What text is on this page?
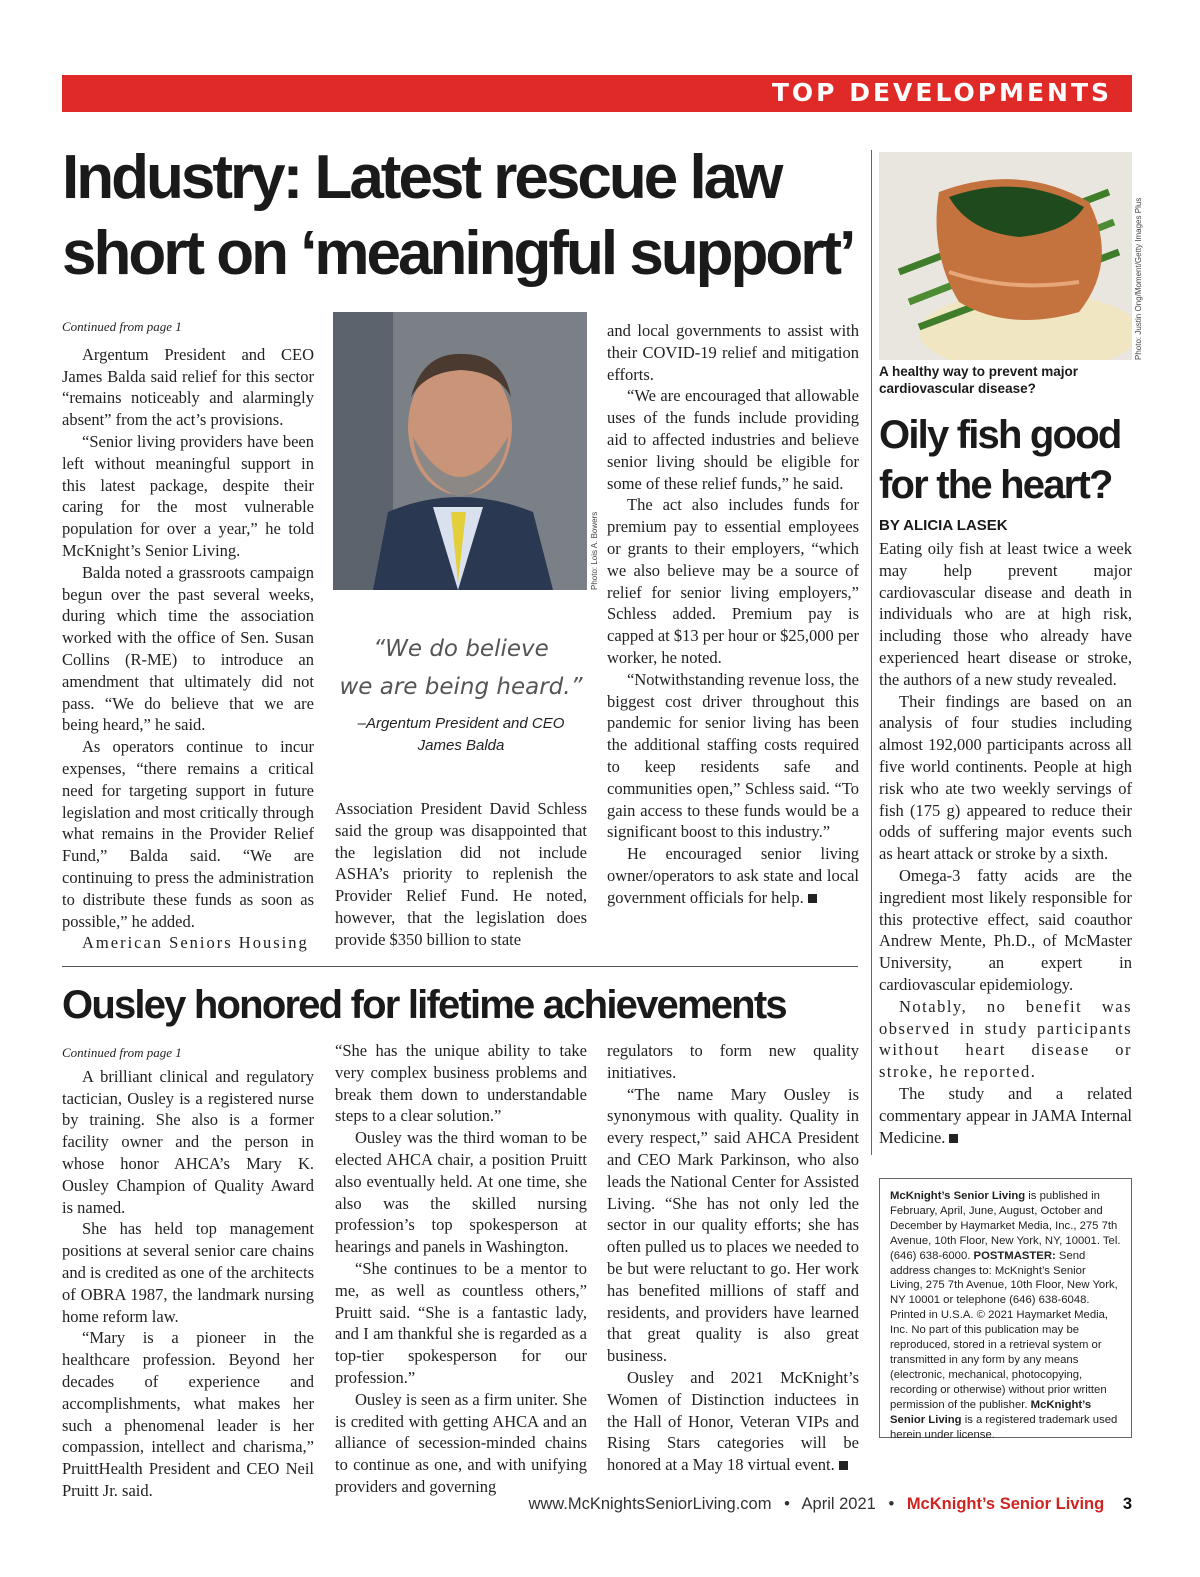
TOP DEVELOPMENTS
Industry: Latest rescue law
short on ‘meaningful support’

Continued from page 1

Argentum President and CEO James Balda said relief for this sector “remains noticeably and alarmingly absent” from the act’s provisions.

“Senior living providers have been left without meaningful support in this latest package, despite their caring for the most vulnerable population for over a year,” he told McKnight’s Senior Living.

Balda noted a grassroots campaign begun over the past several weeks, during which time the association worked with the office of Sen. Susan Collins (R-ME) to introduce an amendment that ultimately did not pass. “We do believe that we are being heard,” he said.

As operators continue to incur expenses, “there remains a critical need for targeting support in future legislation and most critically through what remains in the Provider Relief Fund,” Balda said. “We are continuing to press the administration to distribute these funds as soon as possible,” he added.

American Seniors Housing

Photo: Lois A. Bowers
“We do believe
we are being heard.”
–Argentum President and CEO
James Balda

Association President David Schless said the group was disappointed that the legislation did not include ASHA’s priority to replenish the Provider Relief Fund. He noted, however, that the legislation does provide $350 billion to state

and local governments to assist with their COVID-19 relief and mitigation efforts.

“We are encouraged that allowable uses of the funds include providing aid to affected industries and believe senior living should be eligible for some of these relief funds,” he said.

The act also includes funds for premium pay to essential employees or grants to their employers, “which we also believe may be a source of relief for senior living employers,” Schless added. Premium pay is capped at $13 per hour or $25,000 per worker, he noted.

“Notwithstanding revenue loss, the biggest cost driver throughout this pandemic for senior living has been the additional staffing costs required to keep residents safe and communities open,” Schless said. “To gain access to these funds would be a significant boost to this industry.”

He encouraged senior living owner/operators to ask state and local government officials for help.

Ousley honored for lifetime achievements

Continued from page 1

A brilliant clinical and regulatory tactician, Ousley is a registered nurse by training. She also is a former facility owner and the person in whose honor AHCA’s Mary K. Ousley Champion of Quality Award is named.

She has held top management positions at several senior care chains and is credited as one of the architects of OBRA 1987, the landmark nursing home reform law.

“Mary is a pioneer in the healthcare profession. Beyond her decades of experience and accomplishments, what makes her such a phenomenal leader is her compassion, intellect and charisma,” PruittHealth President and CEO Neil Pruitt Jr. said.

“She has the unique ability to take very complex business problems and break them down to understandable steps to a clear solution.”

Ousley was the third woman to be elected AHCA chair, a position Pruitt also eventually held. At one time, she also was the skilled nursing profession’s top spokesperson at hearings and panels in Washington.

“She continues to be a mentor to me, as well as countless others,” Pruitt said. “She is a fantastic lady, and I am thankful she is regarded as a top-tier spokesperson for our profession.”

Ousley is seen as a firm uniter. She is credited with getting AHCA and an alliance of secession-minded chains to continue as one, and with unifying providers and governing

regulators to form new quality initiatives.

“The name Mary Ousley is synonymous with quality. Quality in every respect,” said AHCA President and CEO Mark Parkinson, who also leads the National Center for Assisted Living. “She has not only led the sector in our quality efforts; she has often pulled us to places we needed to be but were reluctant to go. Her work has benefited millions of staff and residents, and providers have learned that great quality is also great business.

Ousley and 2021 McKnight’s Women of Distinction inductees in the Hall of Honor, Veteran VIPs and Rising Stars categories will be honored at a May 18 virtual event.

Photo: Justin Ong/Moment/Getty Images Plus
A healthy way to prevent major cardiovascular disease?
Oily fish good
for the heart?
BY ALICIA LASEK

Eating oily fish at least twice a week may help prevent major cardiovascular disease and death in individuals who are at high risk, including those who already have experienced heart disease or stroke, the authors of a new study revealed.

Their findings are based on an analysis of four studies including almost 192,000 participants across all five world continents. People at high risk who ate two weekly servings of fish (175 g) appeared to reduce their odds of suffering major events such as heart attack or stroke by a sixth.

Omega-3 fatty acids are the ingredient most likely responsible for this protective effect, said coauthor Andrew Mente, Ph.D., of McMaster University, an expert in cardiovascular epidemiology.

Notably, no benefit was observed in study participants without heart disease or stroke, he reported.

The study and a related commentary appear in JAMA Internal Medicine.

McKnight’s Senior Living is published in February, April, June, August, October and December by Haymarket Media, Inc., 275 7th Avenue, 10th Floor, New York, NY, 10001. Tel. (646) 638-6000. POSTMASTER: Send address changes to: McKnight’s Senior Living, 275 7th Avenue, 10th Floor, New York, NY 10001 or telephone (646) 638-6048. Printed in U.S.A. © 2021 Haymarket Media, Inc. No part of this publication may be reproduced, stored in a retrieval system or transmitted in any form by any means (electronic, mechanical, photocopying, recording or otherwise) without prior written permission of the publisher. McKnight’s Senior Living is a registered trademark used herein under license.
www.McKnightsSeniorLiving.com • April 2021 • McKnight’s Senior Living 3
